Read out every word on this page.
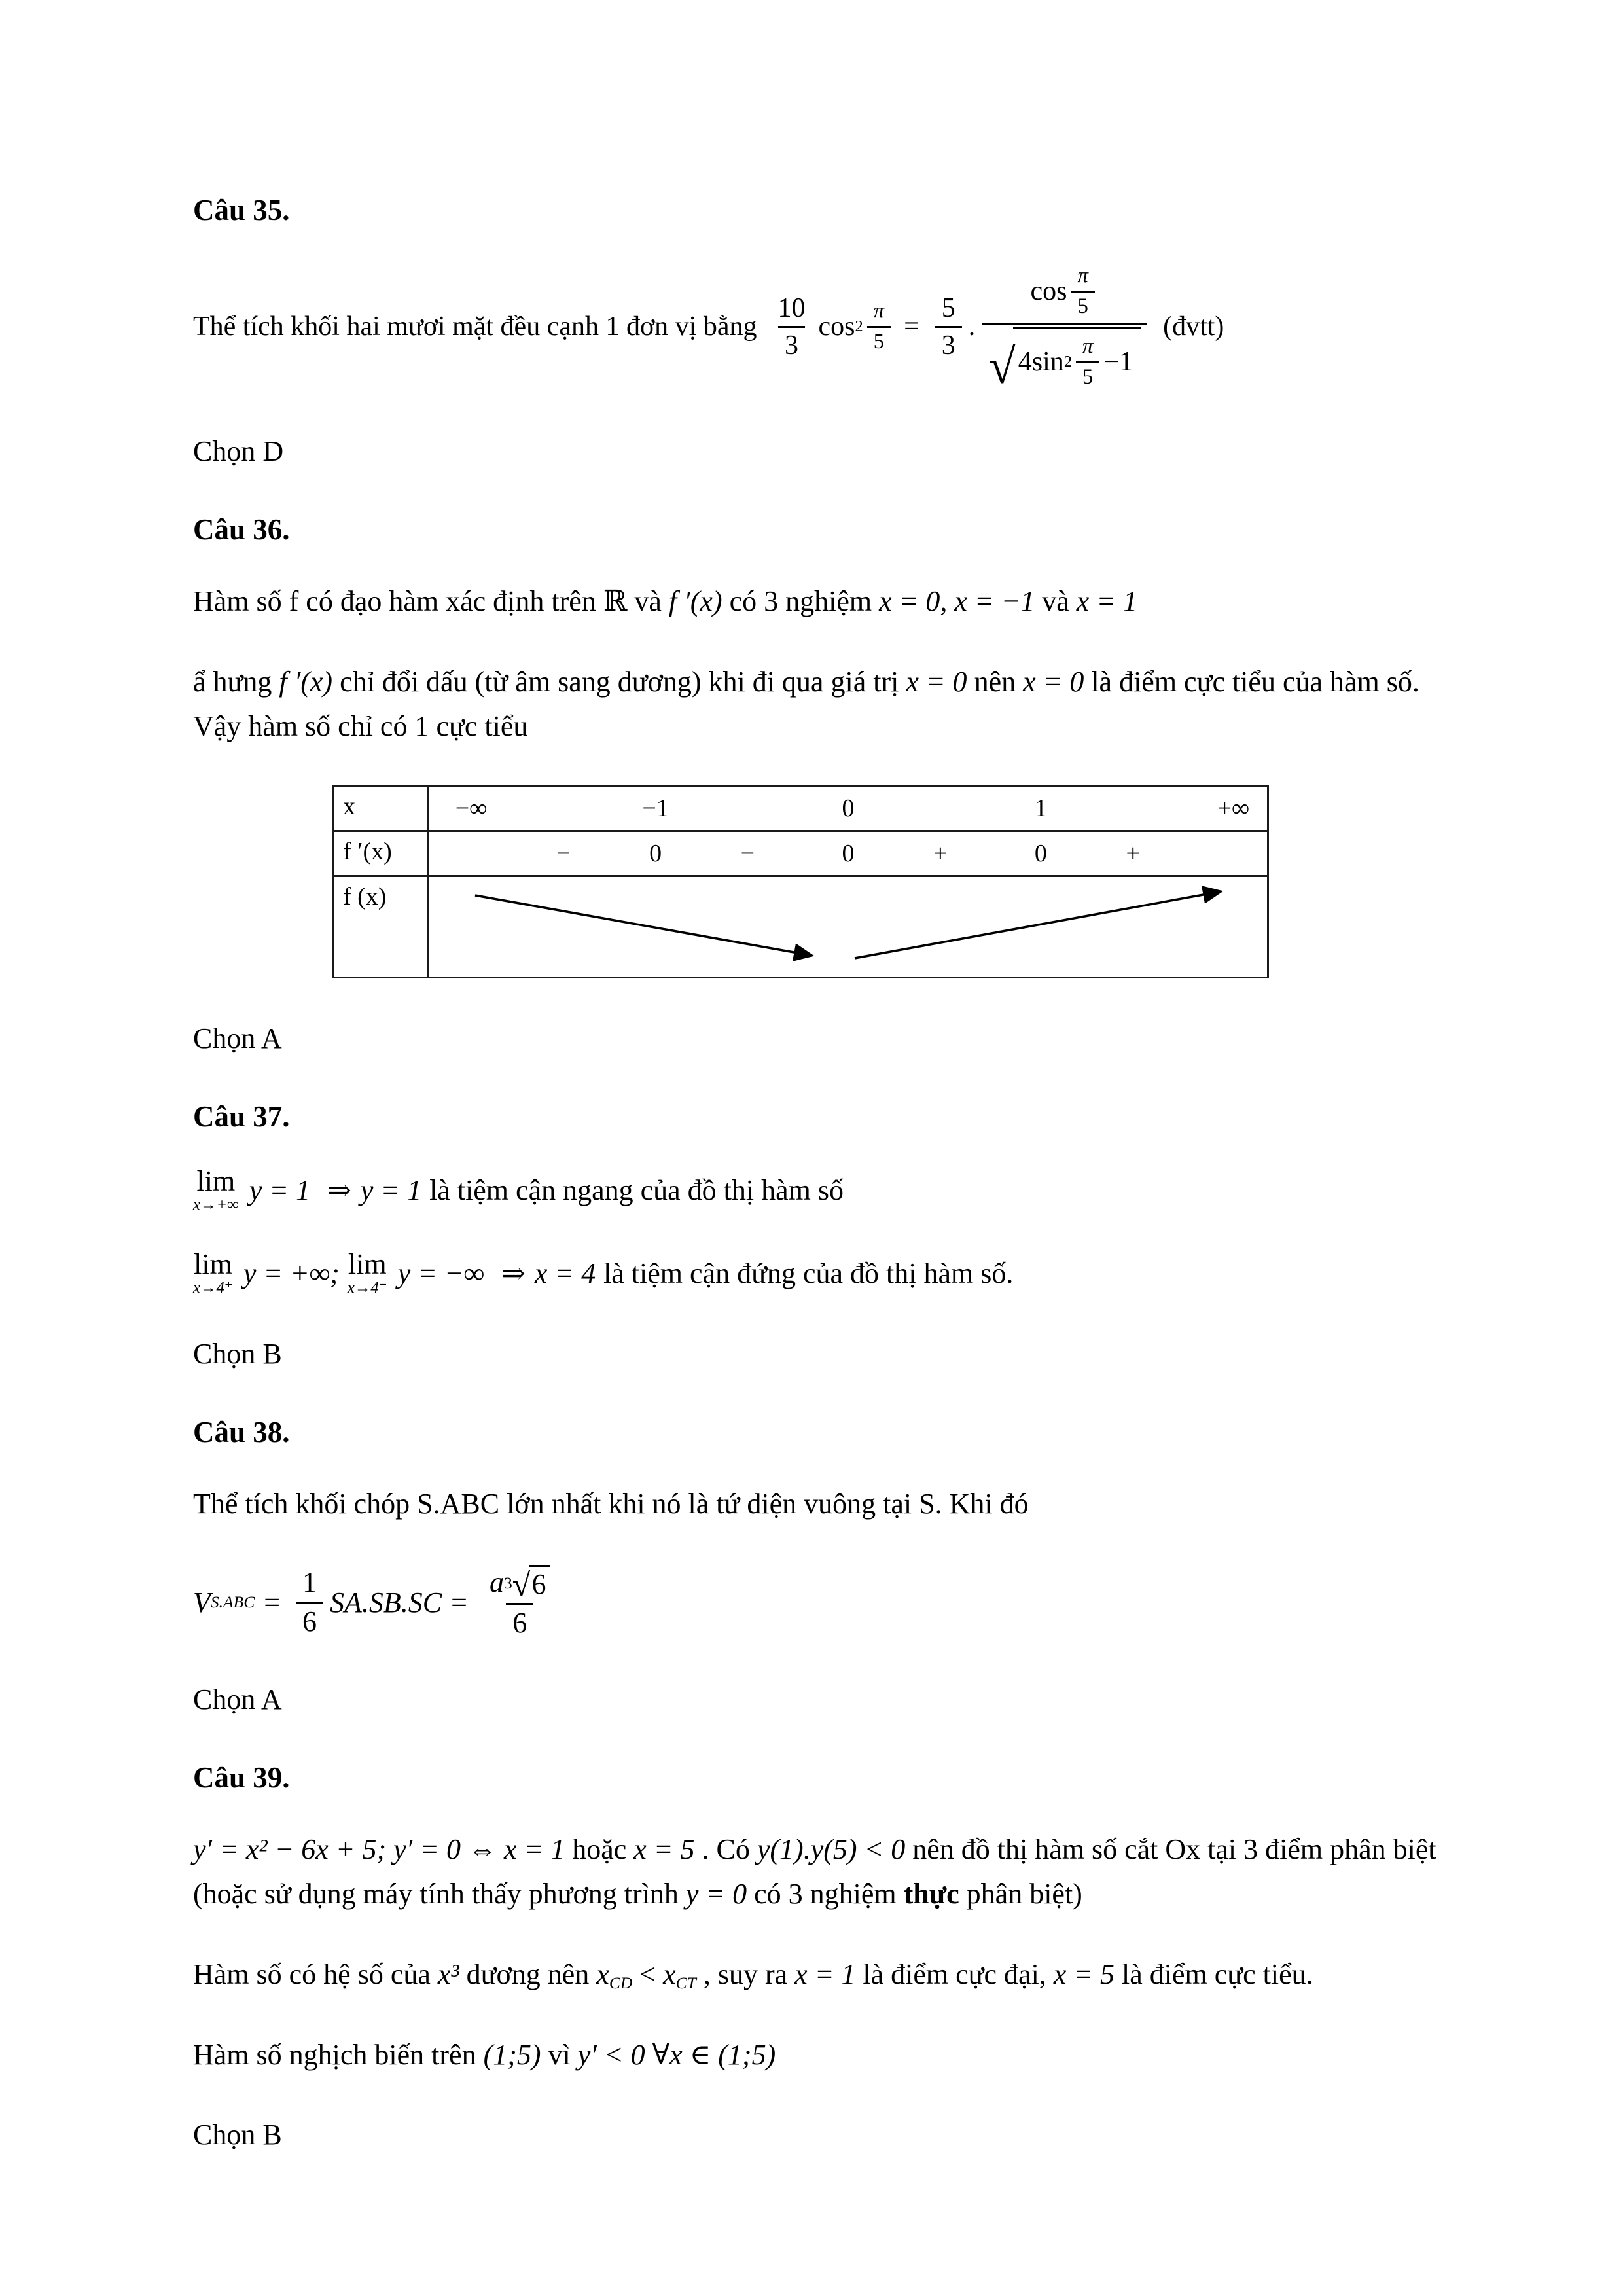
Câu 35.
Thể tích khối hai mươi mặt đều cạnh 1 đơn vị bằng $\frac{10}{3}$ $\cos 2 \frac{\pi}{5} = \frac{5}{3}$ .
$\cos \frac{\pi}{5}$
√ 4sin $2 \frac{\pi}{5} -1$
(đvtt)

Chọn D

Câu 36.

Hàm số f có đạo hàm xác định trên ℝ và f ′(x) có 3 nghiệm x = 0, x = −1 và x = 1

ẩ hưng f ′(x) chỉ đổi dấu (từ âm sang dương) khi đi qua giá trị x = 0 nên x = 0 là điểm cực tiểu của hàm số. Vậy hàm số chỉ có 1 cực tiểu

x	−∞	−1	0	1	+∞
f ′(x)	−	0	−	0	+	0	+
f (x)

Chọn A

Câu 37.
lim
x→+∞ y = 1 ⇒ y = 1 là tiệm cận ngang của đồ thị hàm số
lim
x→4⁺ y = +∞; lim
x→4⁻ y = −∞ ⇒ x = 4 là tiệm cận đứng của đồ thị hàm số.

Chọn B

Câu 38.

Thể tích khối chóp S.ABC lớn nhất khi nó là tứ diện vuông tại S. Khi đó

V $S.ABC = \frac{1}{6} SA.SB.SC = \frac{a 3 √ 6}{6}$

Chọn A

Câu 39.

y′ = x² − 6x + 5; y′ = 0 ⇔ x = 1 hoặc x = 5 . Có y(1).y(5) < 0 nên đồ thị hàm số cắt Ox tại 3 điểm phân biệt (hoặc sử dụng máy tính thấy phương trình y = 0 có 3 nghiệm thực phân biệt)

Hàm số có hệ số của x³ dương nên xCD < xCT , suy ra x = 1 là điểm cực đại, x = 5 là điểm cực tiểu.

Hàm số nghịch biến trên (1;5) vì y′ < 0 ∀x ∈ (1;5)

Chọn B
